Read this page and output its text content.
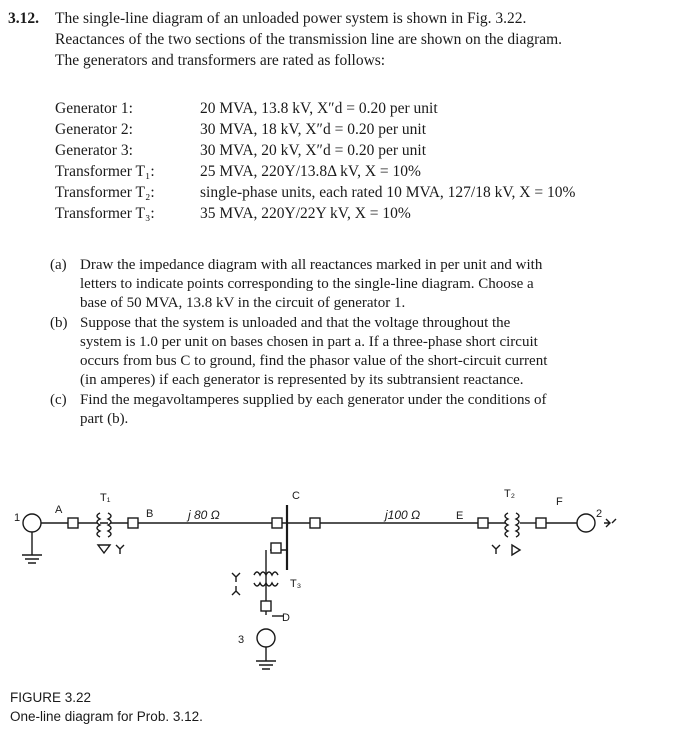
3.12. The single-line diagram of an unloaded power system is shown in Fig. 3.22.
Reactances of the two sections of the transmission line are shown on the diagram.
The generators and transformers are rated as follows:
Generator 1:	20 MVA, 13.8 kV, X″d = 0.20 per unit
Generator 2:	30 MVA, 18 kV, X″d = 0.20 per unit
Generator 3:	30 MVA, 20 kV, X″d = 0.20 per unit
Transformer T₁:	25 MVA, 220Y/13.8Δ kV, X = 10%
Transformer T₂:	single-phase units, each rated 10 MVA, 127/18 kV, X = 10%
Transformer T₃:	35 MVA, 220Y/22Y kV, X = 10%
(a) Draw the impedance diagram with all reactances marked in per unit and with
letters to indicate points corresponding to the single-line diagram. Choose a
base of 50 MVA, 13.8 kV in the circuit of generator 1.
(b) Suppose that the system is unloaded and that the voltage throughout the
system is 1.0 per unit on bases chosen in part a. If a three-phase short circuit
occurs from bus C to ground, find the phasor value of the short-circuit current
(in amperes) if each generator is represented by its subtransient reactance.
(c) Find the megavoltamperes supplied by each generator under the conditions of
part (b).
1
A
T₁
B	j 80 Ω
C
j100 Ω	E
T₃
D
3
T₂
F
2
FIGURE 3.22
One-line diagram for Prob. 3.12.
